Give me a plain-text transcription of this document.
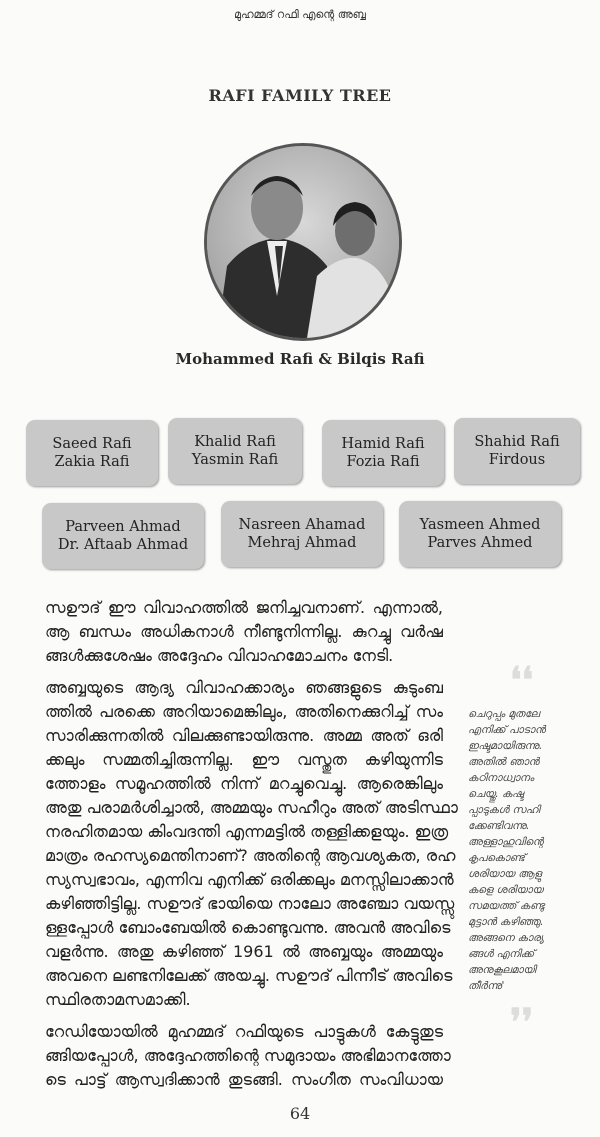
മുഹമ്മദ് റഫി എന്റെ അബ്ബ
RAFI FAMILY TREE
Mohammed Rafi & Bilqis Rafi
Saeed Rafi
Zakia Rafi
Khalid Rafi
Yasmin Rafi
Hamid Rafi
Fozia Rafi
Shahid Rafi
Firdous
Parveen Ahmad
Dr. Aftaab Ahmad
Nasreen Ahamad
Mehraj Ahmad
Yasmeen Ahmed
Parves Ahmed

സഊദ് ഈ വിവാഹത്തിൽ ജനിച്ചവനാണ്. എന്നാൽ,
ആ ബന്ധം അധികനാൾ നീണ്ടുനിന്നില്ല. കുറച്ചു വർഷ
ങ്ങൾക്കുശേഷം അദ്ദേഹം വിവാഹമോചനം നേടി.

അബ്ബയുടെ ആദ്യ വിവാഹക്കാര്യം ഞങ്ങളുടെ കുടുംബ
ത്തിൽ പരക്കെ അറിയാമെങ്കിലും, അതിനെക്കുറിച്ച് സം
സാരിക്കുന്നതിൽ വിലക്കുണ്ടായിരുന്നു. അമ്മ അത് ഒരി
ക്കലും സമ്മതിച്ചിരുന്നില്ല. ഈ വസ്തുത കഴിയുന്നിട
ത്തോളം സമൂഹത്തിൽ നിന്ന് മറച്ചുവെച്ചു. ആരെങ്കിലും
അതു പരാമർശിച്ചാൽ, അമ്മയും സഹീറും അത് അടിസ്ഥാ
നരഹിതമായ കിംവദന്തി എന്നമട്ടിൽ തള്ളിക്കളയും. ഇത്ര
മാത്രം രഹസ്യമെന്തിനാണ്? അതിന്റെ ആവശ്യകത, രഹ
സ്യസ്വഭാവം, എന്നിവ എനിക്ക് ഒരിക്കലും മനസ്സിലാക്കാൻ
കഴിഞ്ഞിട്ടില്ല. സഊദ് ഭായിയെ നാലോ അഞ്ചോ വയസ്സു
ള്ളപ്പോൾ ബോംബേയിൽ കൊണ്ടുവന്നു. അവൻ അവിടെ
വളർന്നു. അതു കഴിഞ്ഞ് 1961 ൽ അബ്ബയും അമ്മയും
അവനെ ലണ്ടനിലേക്ക് അയച്ചു. സഊദ് പിന്നീട് അവിടെ
സ്ഥിരതാമസമാക്കി.

റേഡിയോയിൽ മുഹമ്മദ് റഫിയുടെ പാട്ടുകൾ കേട്ടുതുട
ങ്ങിയപ്പോൾ, അദ്ദേഹത്തിന്റെ സമുദായം അഭിമാനത്തോ
ടെ പാട്ട് ആസ്വദിക്കാൻ തുടങ്ങി. സംഗീത സംവിധായ

❛❛
ചെറുപ്പം മുതലേ
എനിക്ക് പാടാൻ
ഇഷ്ടമായിരുന്നു.
അതിൽ ഞാൻ
കഠിനാധ്വാനം
ചെയ്തു. കഷ്ട
പ്പാടുകൾ സഹി
ക്കേണ്ടിവന്നു.
അള്ളാഹുവിന്റെ
കൃപകൊണ്ട്
ശരിയായ ആളു
കളെ ശരിയായ
സമയത്ത് കണ്ടു
മുട്ടാൻ കഴിഞ്ഞു.
അങ്ങനെ കാര്യ
ങ്ങൾ എനിക്ക്
അനുകൂലമായി
തീർന്നു'
❜❜
64
